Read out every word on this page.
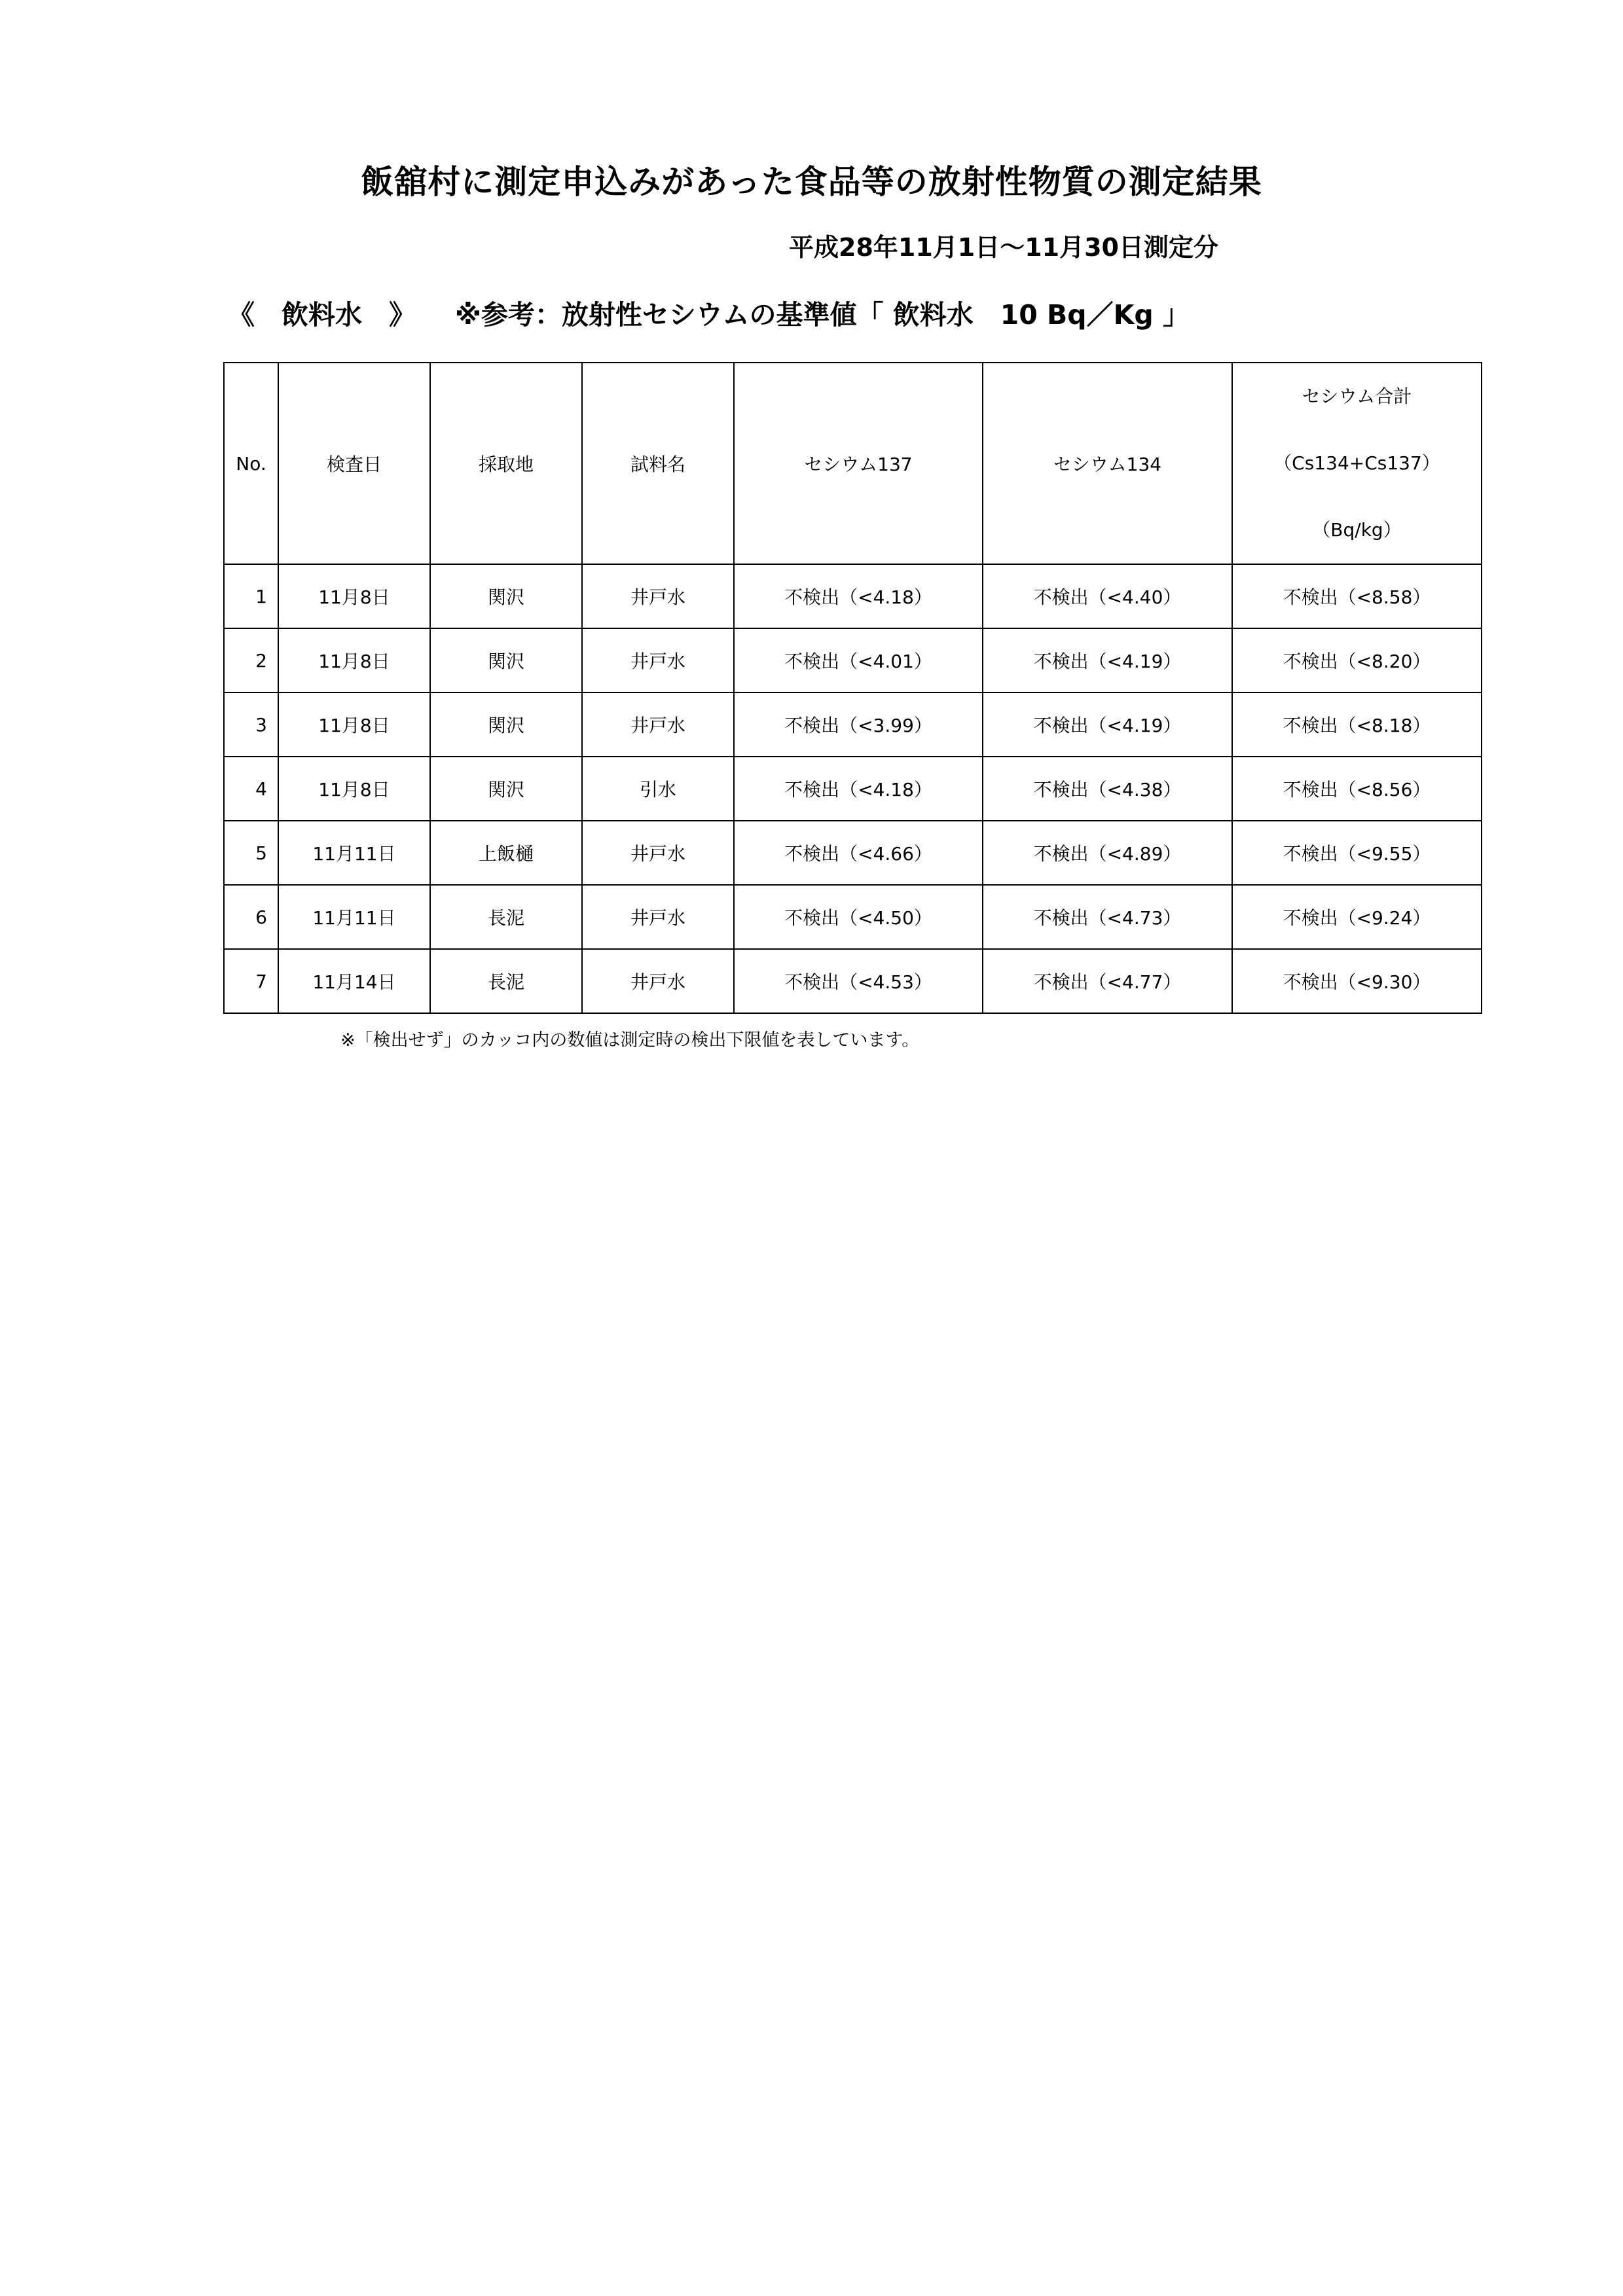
飯舘村に測定申込みがあった食品等の放射性物質の測定結果
平成28年11月1日～11月30日測定分
《　飲料水　》 ※参考：放射性セシウムの基準値「 飲料水　10 Bq／Kg 」
No.	検査日	採取地	試料名	セシウム137	セシウム134	セシウム合計
（Cs134+Cs137）
（Bq/kg）

1	11月8日	関沢	井戸水	不検出（<4.18）	不検出（<4.40）	不検出（<8.58）
2	11月8日	関沢	井戸水	不検出（<4.01）	不検出（<4.19）	不検出（<8.20）
3	11月8日	関沢	井戸水	不検出（<3.99）	不検出（<4.19）	不検出（<8.18）
4	11月8日	関沢	引水	不検出（<4.18）	不検出（<4.38）	不検出（<8.56）
5	11月11日	上飯樋	井戸水	不検出（<4.66）	不検出（<4.89）	不検出（<9.55）
6	11月11日	長泥	井戸水	不検出（<4.50）	不検出（<4.73）	不検出（<9.24）
7	11月14日	長泥	井戸水	不検出（<4.53）	不検出（<4.77）	不検出（<9.30）
※「検出せず」のカッコ内の数値は測定時の検出下限値を表しています。
